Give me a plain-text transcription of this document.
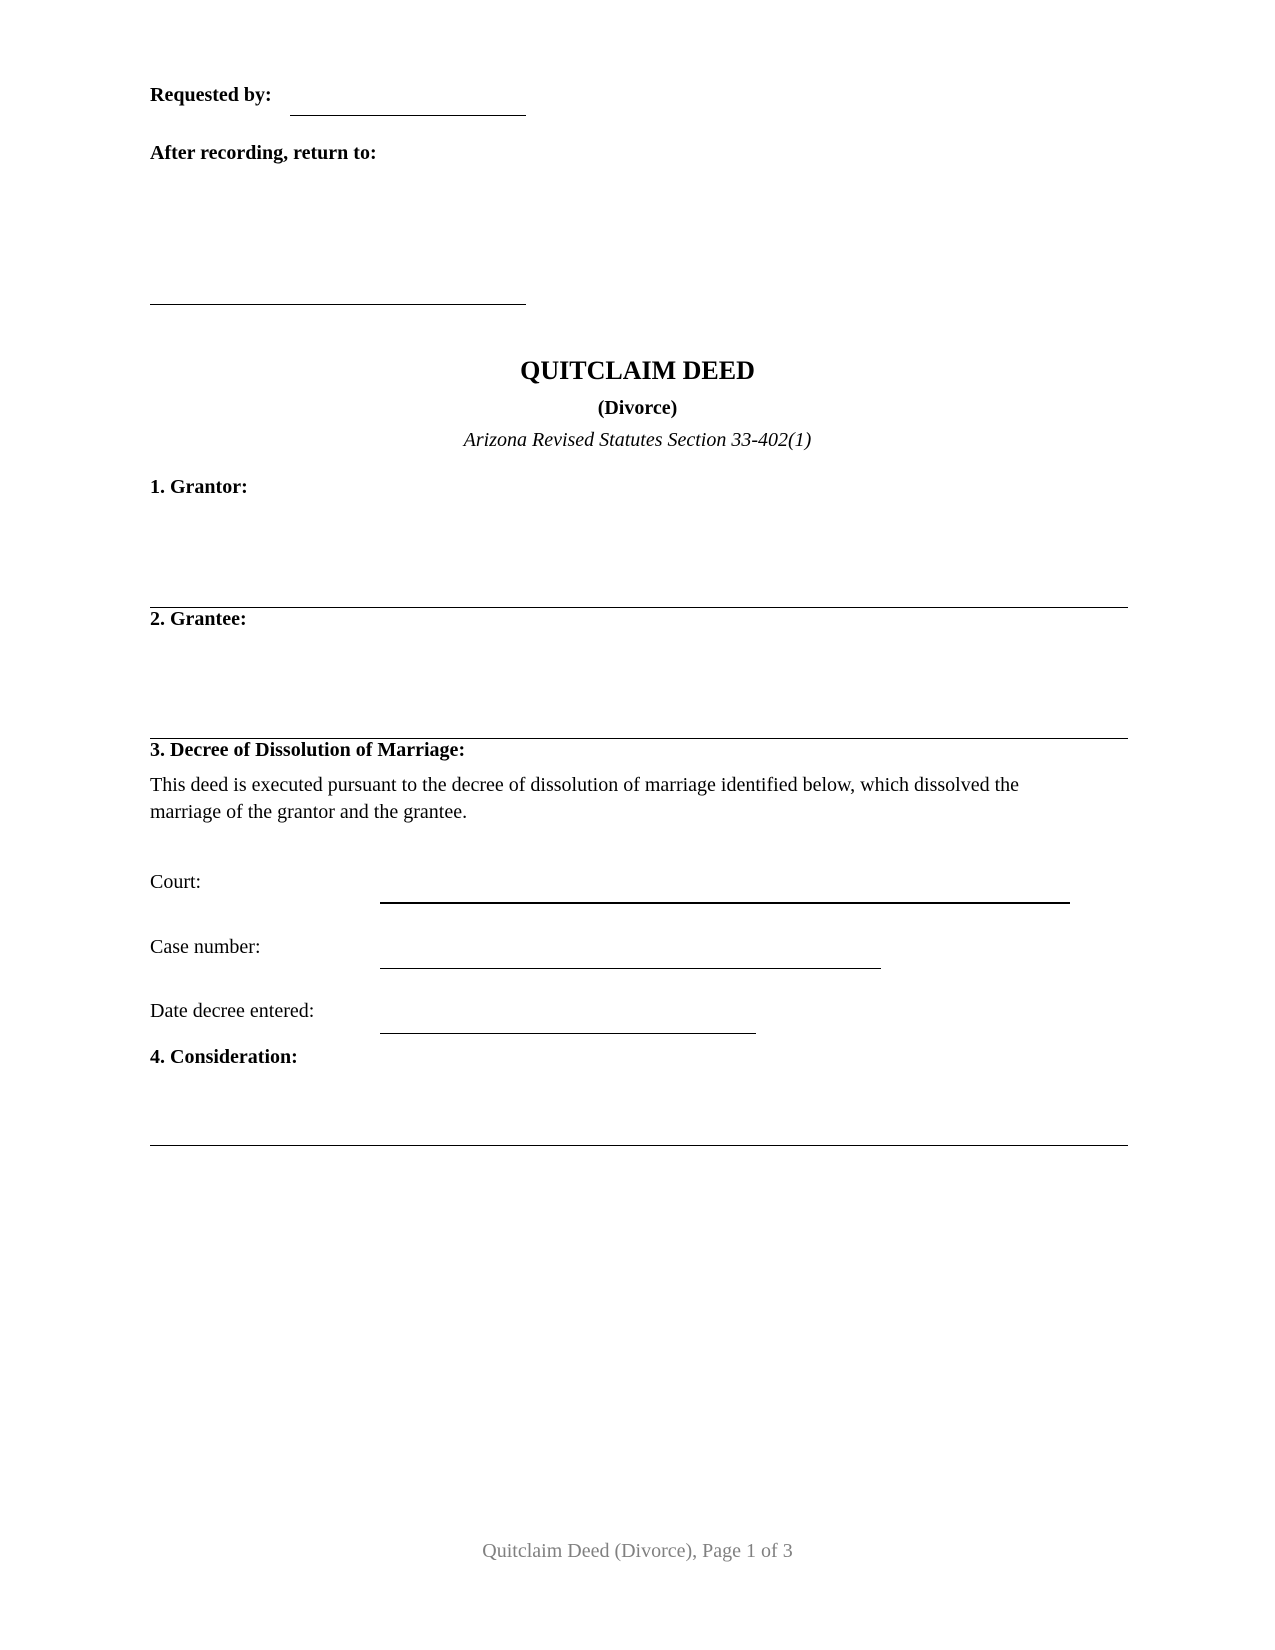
Requested by:
After recording, return to:
QUITCLAIM DEED
(Divorce)
Arizona Revised Statutes Section 33-402(1)
1. Grantor:
2. Grantee:
3. Decree of Dissolution of Marriage:
This deed is executed pursuant to the decree of dissolution of marriage identified below, which dissolved the marriage of the grantor and the grantee.
Court:
Case number:
Date decree entered:
4. Consideration:
Quitclaim Deed (Divorce), Page 1 of 3
